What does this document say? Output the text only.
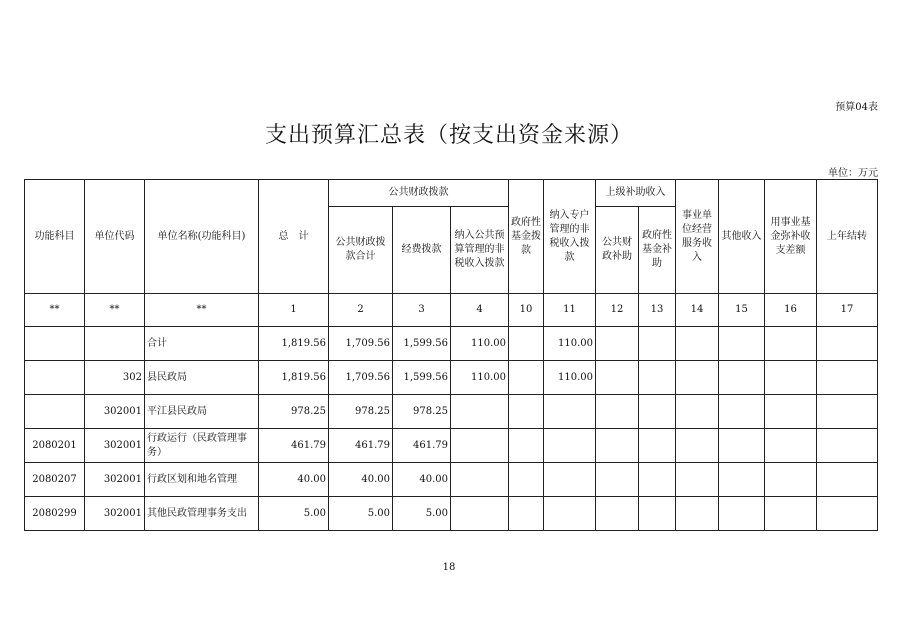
预算04表
支出预算汇总表（按支出资金来源）
单位：万元
功能科目	单位代码	单位名称(功能科目)	总　计	公共财政拨款			政府性基金拨款	纳入专户管理的非税收入拨款	上级补助收入		事业单位经营服务收入	其他收入	用事业基金弥补收支差额	上年结转
				公共财政拨款合计	经费拨款	纳入公共预算管理的非税收入拨款			公共财政补助	政府性基金补助				
**	**	**	1	2	3	4	10	11	12	13	14	15	16	17
		合计	1,819.56	1,709.56	1,599.56	110.00		110.00						
	302	县民政局	1,819.56	1,709.56	1,599.56	110.00		110.00						
	302001	平江县民政局	978.25	978.25	978.25									
2080201	302001	行政运行（民政管理事务）	461.79	461.79	461.79									
2080207	302001	行政区划和地名管理	40.00	40.00	40.00									
2080299	302001	其他民政管理事务支出	5.00	5.00	5.00									
18
